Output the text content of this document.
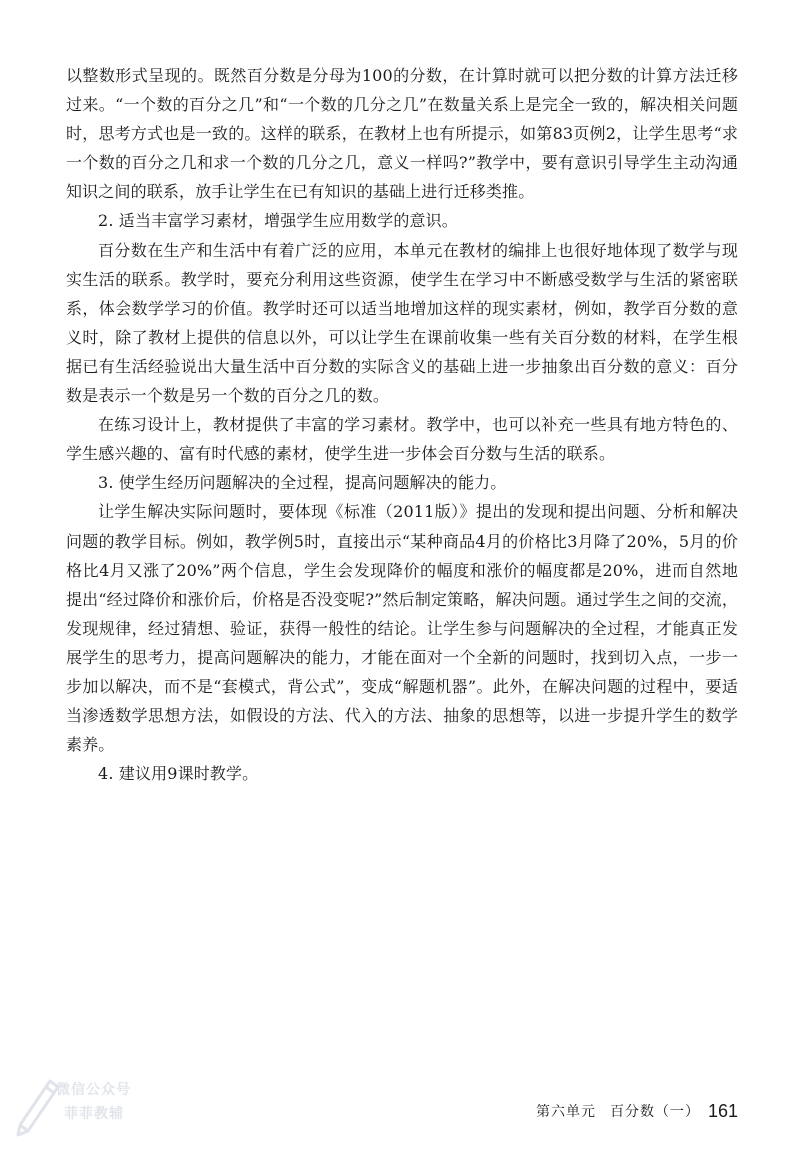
以整数形式呈现的。既然百分数是分母为100的分数，在计算时就可以把分数的计算方法迁移过来。“一个数的百分之几”和“一个数的几分之几”在数量关系上是完全一致的，解决相关问题时，思考方式也是一致的。这样的联系，在教材上也有所提示，如第83页例2，让学生思考“求一个数的百分之几和求一个数的几分之几，意义一样吗?”教学中，要有意识引导学生主动沟通知识之间的联系，放手让学生在已有知识的基础上进行迁移类推。

2. 适当丰富学习素材，增强学生应用数学的意识。

百分数在生产和生活中有着广泛的应用，本单元在教材的编排上也很好地体现了数学与现实生活的联系。教学时，要充分利用这些资源，使学生在学习中不断感受数学与生活的紧密联系，体会数学学习的价值。教学时还可以适当地增加这样的现实素材，例如，教学百分数的意义时，除了教材上提供的信息以外，可以让学生在课前收集一些有关百分数的材料，在学生根据已有生活经验说出大量生活中百分数的实际含义的基础上进一步抽象出百分数的意义：百分数是表示一个数是另一个数的百分之几的数。

在练习设计上，教材提供了丰富的学习素材。教学中，也可以补充一些具有地方特色的、学生感兴趣的、富有时代感的素材，使学生进一步体会百分数与生活的联系。

3. 使学生经历问题解决的全过程，提高问题解决的能力。

让学生解决实际问题时，要体现《标准（2011版）》提出的发现和提出问题、分析和解决问题的教学目标。例如，教学例5时，直接出示“某种商品4月的价格比3月降了20%，5月的价格比4月又涨了20%”两个信息，学生会发现降价的幅度和涨价的幅度都是20%，进而自然地提出“经过降价和涨价后，价格是否没变呢?”然后制定策略，解决问题。通过学生之间的交流，发现规律，经过猜想、验证，获得一般性的结论。让学生参与问题解决的全过程，才能真正发展学生的思考力，提高问题解决的能力，才能在面对一个全新的问题时，找到切入点，一步一步加以解决，而不是“套模式，背公式”，变成“解题机器”。此外，在解决问题的过程中，要适当渗透数学思想方法，如假设的方法、代入的方法、抽象的思想等，以进一步提升学生的数学素养。

4. 建议用9课时教学。

微信公众号
菲菲教辅	第六单元 百分数（一） 161
